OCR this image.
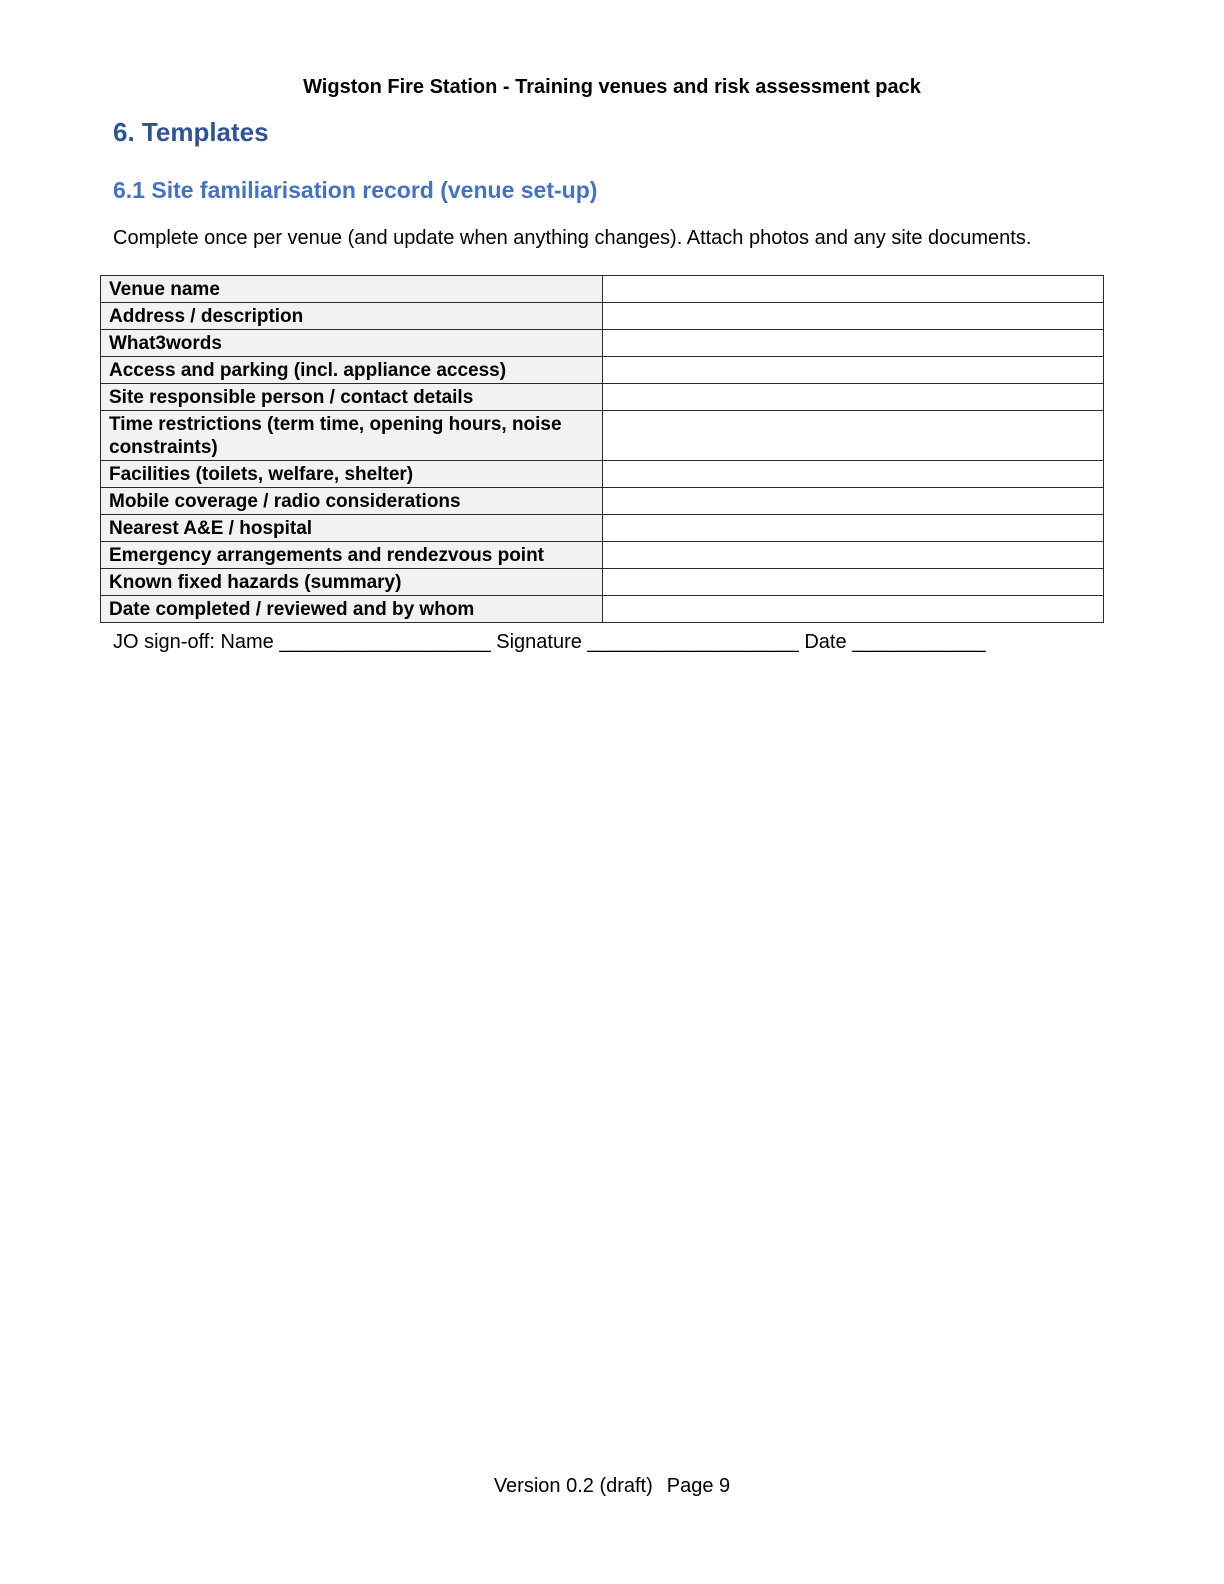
Wigston Fire Station - Training venues and risk assessment pack
6. Templates
6.1 Site familiarisation record (venue set-up)

Complete once per venue (and update when anything changes). Attach photos and any site documents.

Venue name	
Address / description	
What3words	
Access and parking (incl. appliance access)	
Site responsible person / contact details	
Time restrictions (term time, opening hours, noise constraints)	
Facilities (toilets, welfare, shelter)	
Mobile coverage / radio considerations	
Nearest A&E / hospital	
Emergency arrangements and rendezvous point	
Known fixed hazards (summary)	
Date completed / reviewed and by whom	
JO sign-off: Name ___________________ Signature ___________________ Date ____________
Version 0.2 (draft) Page 9
